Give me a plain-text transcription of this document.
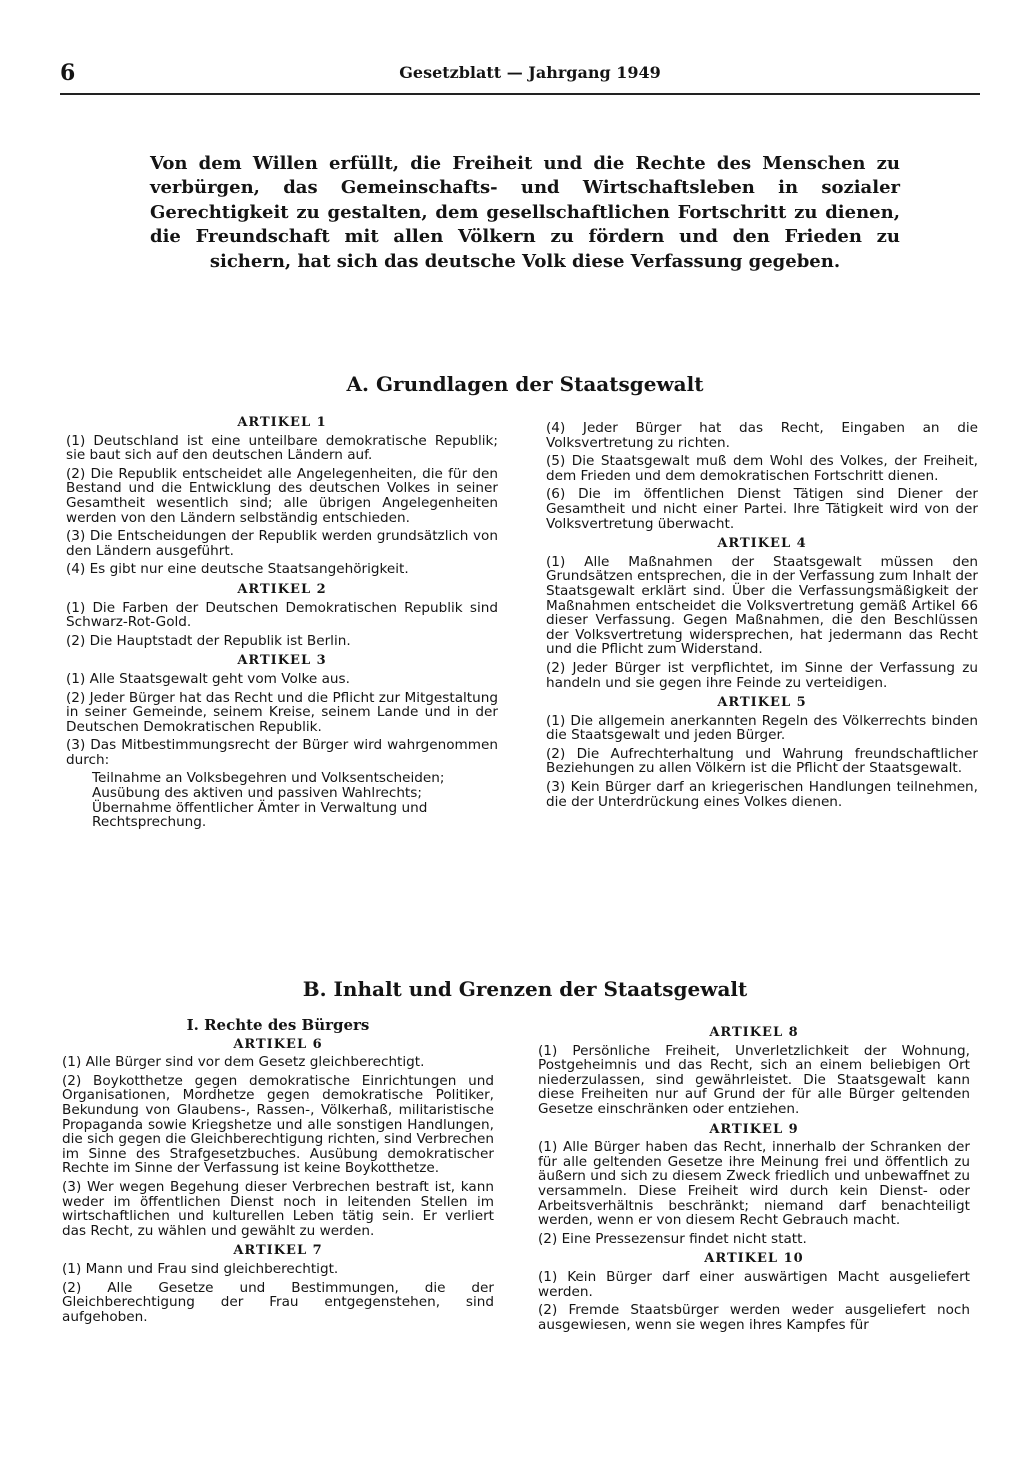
6	Gesetzblatt — Jahrgang 1949
Von dem Willen erfüllt, die Freiheit und die Rechte des Menschen zu verbürgen, das Gemeinschafts- und Wirtschaftsleben in sozialer Gerechtigkeit zu gestalten, dem gesellschaftlichen Fortschritt zu dienen, die Freundschaft mit allen Völkern zu fördern und den Frieden zu sichern, hat sich das deutsche Volk diese Verfassung gegeben.
A. Grundlagen der Staatsgewalt
ARTIKEL 1

(1) Deutschland ist eine unteilbare demokratische Republik; sie baut sich auf den deutschen Ländern auf.

(2) Die Republik entscheidet alle Angelegenheiten, die für den Bestand und die Entwicklung des deutschen Volkes in seiner Gesamtheit wesentlich sind; alle übrigen Angelegenheiten werden von den Ländern selbständig entschieden.

(3) Die Entscheidungen der Republik werden grundsätzlich von den Ländern ausgeführt.

(4) Es gibt nur eine deutsche Staatsangehörigkeit.

ARTIKEL 2

(1) Die Farben der Deutschen Demokratischen Republik sind Schwarz-Rot-Gold.

(2) Die Hauptstadt der Republik ist Berlin.

ARTIKEL 3

(1) Alle Staatsgewalt geht vom Volke aus.

(2) Jeder Bürger hat das Recht und die Pflicht zur Mitgestaltung in seiner Gemeinde, seinem Kreise, seinem Lande und in der Deutschen Demokratischen Republik.

(3) Das Mitbestimmungsrecht der Bürger wird wahrgenommen durch:

Teilnahme an Volksbegehren und Volksentscheiden;
Ausübung des aktiven und passiven Wahlrechts;
Übernahme öffentlicher Ämter in Verwaltung und Rechtsprechung.

(4) Jeder Bürger hat das Recht, Eingaben an die Volksvertretung zu richten.

(5) Die Staatsgewalt muß dem Wohl des Volkes, der Freiheit, dem Frieden und dem demokratischen Fortschritt dienen.

(6) Die im öffentlichen Dienst Tätigen sind Diener der Gesamtheit und nicht einer Partei. Ihre Tätigkeit wird von der Volksvertretung überwacht.

ARTIKEL 4

(1) Alle Maßnahmen der Staatsgewalt müssen den Grundsätzen entsprechen, die in der Verfassung zum Inhalt der Staatsgewalt erklärt sind. Über die Verfassungsmäßigkeit der Maßnahmen entscheidet die Volksvertretung gemäß Artikel 66 dieser Verfassung. Gegen Maßnahmen, die den Beschlüssen der Volksvertretung widersprechen, hat jedermann das Recht und die Pflicht zum Widerstand.

(2) Jeder Bürger ist verpflichtet, im Sinne der Verfassung zu handeln und sie gegen ihre Feinde zu verteidigen.

ARTIKEL 5

(1) Die allgemein anerkannten Regeln des Völkerrechts binden die Staatsgewalt und jeden Bürger.

(2) Die Aufrechterhaltung und Wahrung freundschaftlicher Beziehungen zu allen Völkern ist die Pflicht der Staatsgewalt.

(3) Kein Bürger darf an kriegerischen Handlungen teilnehmen, die der Unterdrückung eines Volkes dienen.

B. Inhalt und Grenzen der Staatsgewalt
I. Rechte des Bürgers
ARTIKEL 6

(1) Alle Bürger sind vor dem Gesetz gleichberechtigt.

(2) Boykotthetze gegen demokratische Einrichtungen und Organisationen, Mordhetze gegen demokratische Politiker, Bekundung von Glaubens-, Rassen-, Völkerhaß, militaristische Propaganda sowie Kriegshetze und alle sonstigen Handlungen, die sich gegen die Gleichberechtigung richten, sind Verbrechen im Sinne des Strafgesetzbuches. Ausübung demokratischer Rechte im Sinne der Verfassung ist keine Boykotthetze.

(3) Wer wegen Begehung dieser Verbrechen bestraft ist, kann weder im öffentlichen Dienst noch in leitenden Stellen im wirtschaftlichen und kulturellen Leben tätig sein. Er verliert das Recht, zu wählen und gewählt zu werden.

ARTIKEL 7

(1) Mann und Frau sind gleichberechtigt.

(2) Alle Gesetze und Bestimmungen, die der Gleichberechtigung der Frau entgegenstehen, sind aufgehoben.

ARTIKEL 8

(1) Persönliche Freiheit, Unverletzlichkeit der Wohnung, Postgeheimnis und das Recht, sich an einem beliebigen Ort niederzulassen, sind gewährleistet. Die Staatsgewalt kann diese Freiheiten nur auf Grund der für alle Bürger geltenden Gesetze einschränken oder entziehen.

ARTIKEL 9

(1) Alle Bürger haben das Recht, innerhalb der Schranken der für alle geltenden Gesetze ihre Meinung frei und öffentlich zu äußern und sich zu diesem Zweck friedlich und unbewaffnet zu versammeln. Diese Freiheit wird durch kein Dienst- oder Arbeitsverhältnis beschränkt; niemand darf benachteiligt werden, wenn er von diesem Recht Gebrauch macht.

(2) Eine Pressezensur findet nicht statt.

ARTIKEL 10

(1) Kein Bürger darf einer auswärtigen Macht ausgeliefert werden.

(2) Fremde Staatsbürger werden weder ausgeliefert noch ausgewiesen, wenn sie wegen ihres Kampfes für
